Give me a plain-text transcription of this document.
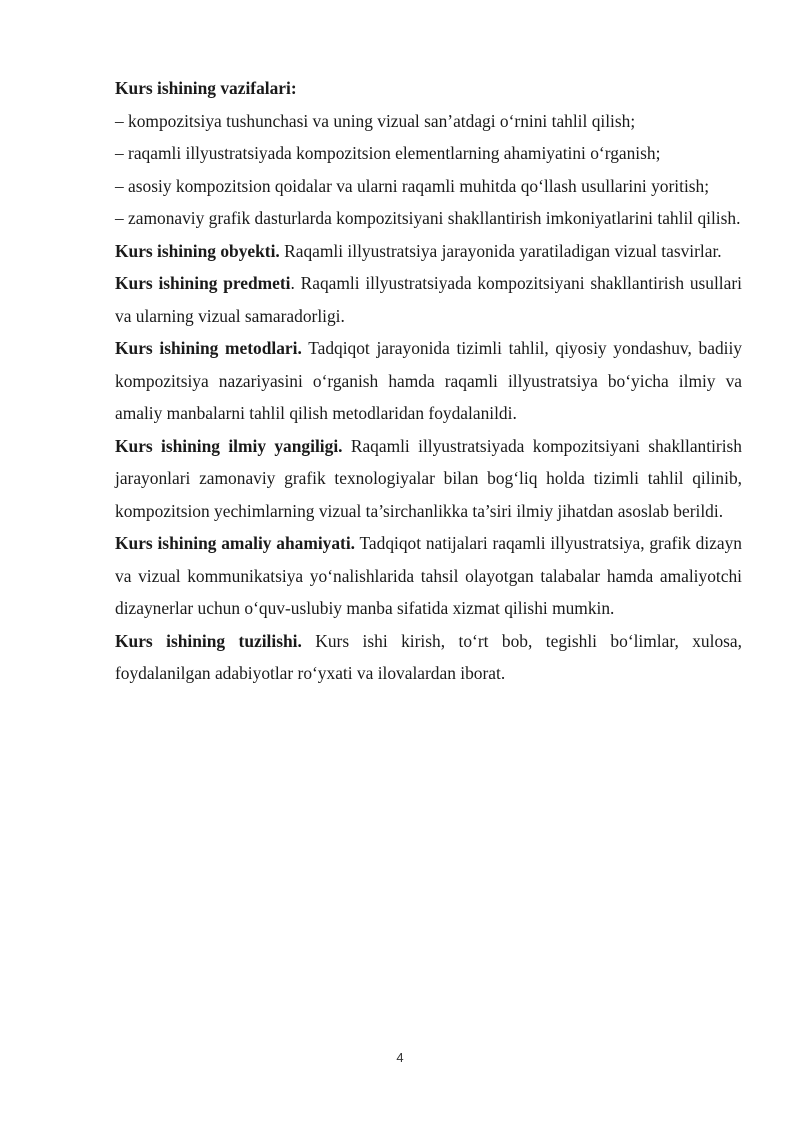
Kurs ishining vazifalari:

– kompozitsiya tushunchasi va uning vizual san’atdagi o‘rnini tahlil qilish;

– raqamli illyustratsiyada kompozitsion elementlarning ahamiyatini o‘rganish;

– asosiy kompozitsion qoidalar va ularni raqamli muhitda qo‘llash usullarini yoritish;

– zamonaviy grafik dasturlarda kompozitsiyani shakllantirish imkoniyatlarini tahlil qilish.

Kurs ishining obyekti. Raqamli illyustratsiya jarayonida yaratiladigan vizual tasvirlar.

Kurs ishining predmeti. Raqamli illyustratsiyada kompozitsiyani shakllantirish usullari va ularning vizual samaradorligi.

Kurs ishining metodlari. Tadqiqot jarayonida tizimli tahlil, qiyosiy yondashuv, badiiy kompozitsiya nazariyasini o‘rganish hamda raqamli illyustratsiya bo‘yicha ilmiy va amaliy manbalarni tahlil qilish metodlaridan foydalanildi.

Kurs ishining ilmiy yangiligi. Raqamli illyustratsiyada kompozitsiyani shakllantirish jarayonlari zamonaviy grafik texnologiyalar bilan bog‘liq holda tizimli tahlil qilinib, kompozitsion yechimlarning vizual ta’sirchanlikka ta’siri ilmiy jihatdan asoslab berildi.

Kurs ishining amaliy ahamiyati. Tadqiqot natijalari raqamli illyustratsiya, grafik dizayn va vizual kommunikatsiya yo‘nalishlarida tahsil olayotgan talabalar hamda amaliyotchi dizaynerlar uchun o‘quv-uslubiy manba sifatida xizmat qilishi mumkin.

Kurs ishining tuzilishi. Kurs ishi kirish, to‘rt bob, tegishli bo‘limlar, xulosa, foydalanilgan adabiyotlar ro‘yxati va ilovalardan iborat.

4
